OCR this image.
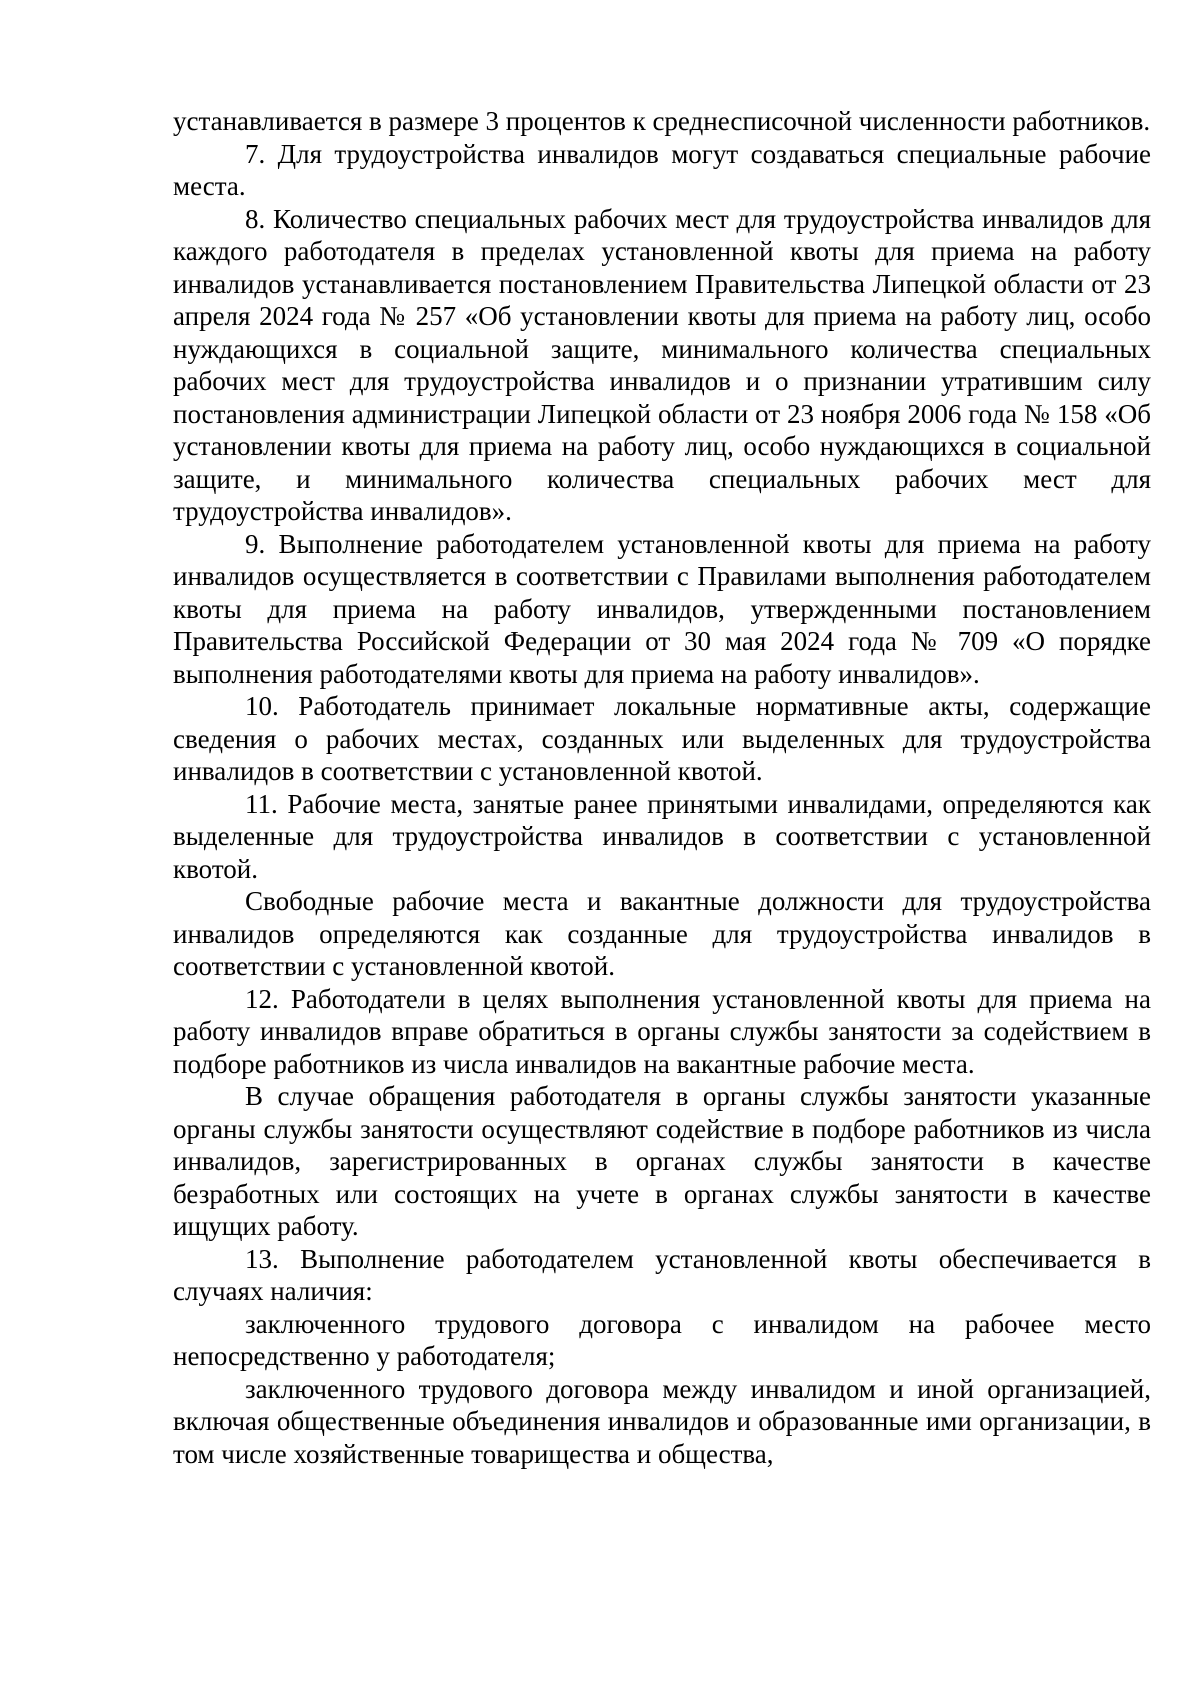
устанавливается в размере 3 процентов к среднесписочной численности работников.

7. Для трудоустройства инвалидов могут создаваться специальные рабочие места.

8. Количество специальных рабочих мест для трудоустройства инвалидов для каждого работодателя в пределах установленной квоты для приема на работу инвалидов устанавливается постановлением Правительства Липецкой области от 23 апреля 2024 года № 257 «Об установлении квоты для приема на работу лиц, особо нуждающихся в социальной защите, минимального количества специальных рабочих мест для трудоустройства инвалидов и о признании утратившим силу постановления администрации Липецкой области от 23 ноября 2006 года № 158 «Об установлении квоты для приема на работу лиц, особо нуждающихся в социальной защите, и минимального количества специальных рабочих мест для трудоустройства инвалидов».

9. Выполнение работодателем установленной квоты для приема на работу инвалидов осуществляется в соответствии с Правилами выполнения работодателем квоты для приема на работу инвалидов, утвержденными постановлением Правительства Российской Федерации от 30 мая 2024 года № 709 «О порядке выполнения работодателями квоты для приема на работу инвалидов».

10. Работодатель принимает локальные нормативные акты, содержащие сведения о рабочих местах, созданных или выделенных для трудоустройства инвалидов в соответствии с установленной квотой.

11. Рабочие места, занятые ранее принятыми инвалидами, определяются как выделенные для трудоустройства инвалидов в соответствии с установленной квотой.

Свободные рабочие места и вакантные должности для трудоустройства инвалидов определяются как созданные для трудоустройства инвалидов в соответствии с установленной квотой.

12. Работодатели в целях выполнения установленной квоты для приема на работу инвалидов вправе обратиться в органы службы занятости за содействием в подборе работников из числа инвалидов на вакантные рабочие места.

В случае обращения работодателя в органы службы занятости указанные органы службы занятости осуществляют содействие в подборе работников из числа инвалидов, зарегистрированных в органах службы занятости в качестве безработных или состоящих на учете в органах службы занятости в качестве ищущих работу.

13. Выполнение работодателем установленной квоты обеспечивается в случаях наличия:

заключенного трудового договора с инвалидом на рабочее место непосредственно у работодателя;

заключенного трудового договора между инвалидом и иной организацией, включая общественные объединения инвалидов и образованные ими организации, в том числе хозяйственные товарищества и общества,
